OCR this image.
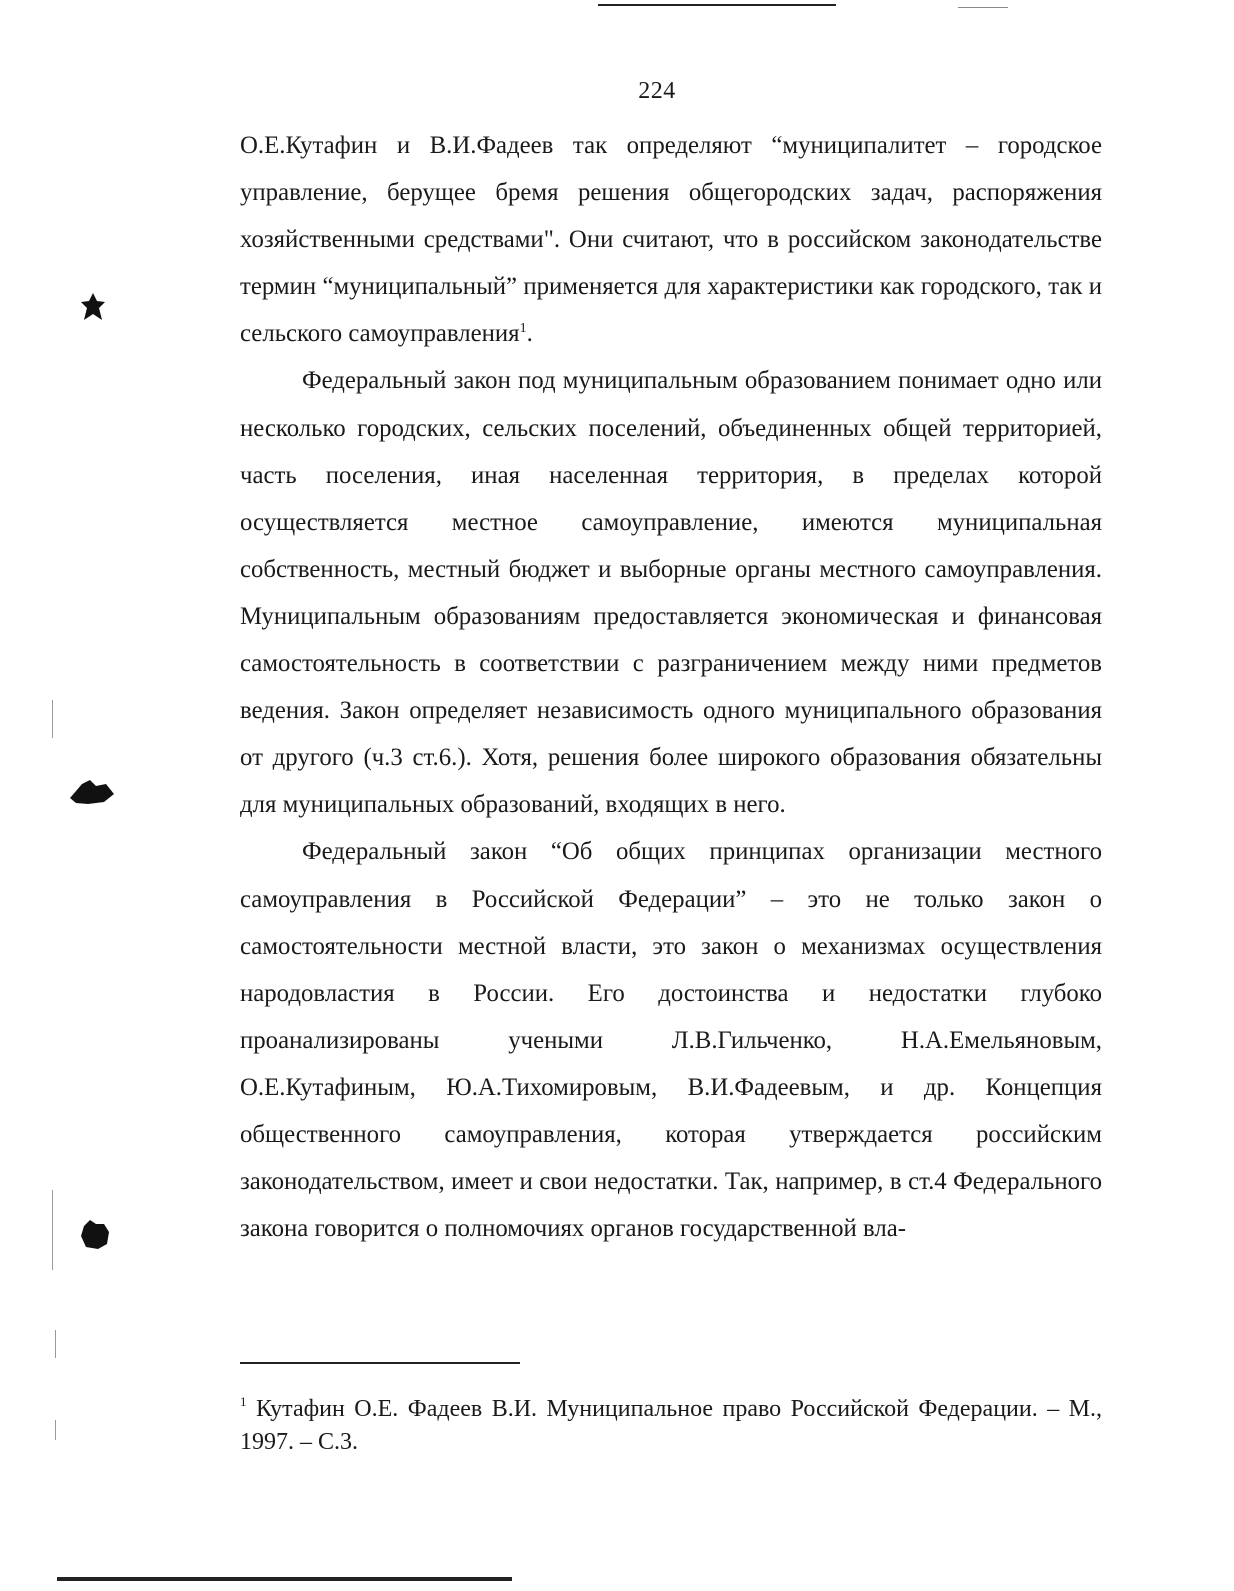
224

О.Е.Кутафин и В.И.Фадеев так определяют “муниципалитет – городское управление, берущее бремя решения общегородских задач, распоряжения хозяйственными средствами". Они считают, что в российском законодательстве термин “муниципальный” применяется для характеристики как городского, так и сельского самоуправления$^1$.

Федеральный закон под муниципальным образованием понимает одно или несколько городских, сельских поселений, объединенных общей территорией, часть поселения, иная населенная территория, в пределах которой осуществляется местное самоуправление, имеются муниципальная собственность, местный бюджет и выборные органы местного самоуправления. Муниципальным образованиям предоставляется экономическая и финансовая самостоятельность в соответствии с разграничением между ними предметов ведения. Закон определяет независимость одного муниципального образования от другого (ч.3 ст.6.). Хотя, решения более широкого образования обязательны для муниципальных образований, входящих в него.

Федеральный закон “Об общих принципах организации местного самоуправления в Российской Федерации” – это не только закон о самостоятельности местной власти, это закон о механизмах осуществления народовластия в России. Его достоинства и недостатки глубоко проанализированы учеными Л.В.Гильченко, Н.А.Емельяновым,

О.Е.Кутафиным, Ю.А.Тихомировым, В.И.Фадеевым, и др. Концепция общественного самоуправления, которая утверждается российским законодательством, имеет и свои недостатки. Так, например, в ст.4 Федерального закона говорится о полномочиях органов государственной вла-

$^1$ Кутафин О.Е. Фадеев В.И. Муниципальное право Российской Федерации. – М., 1997. – С.3.
